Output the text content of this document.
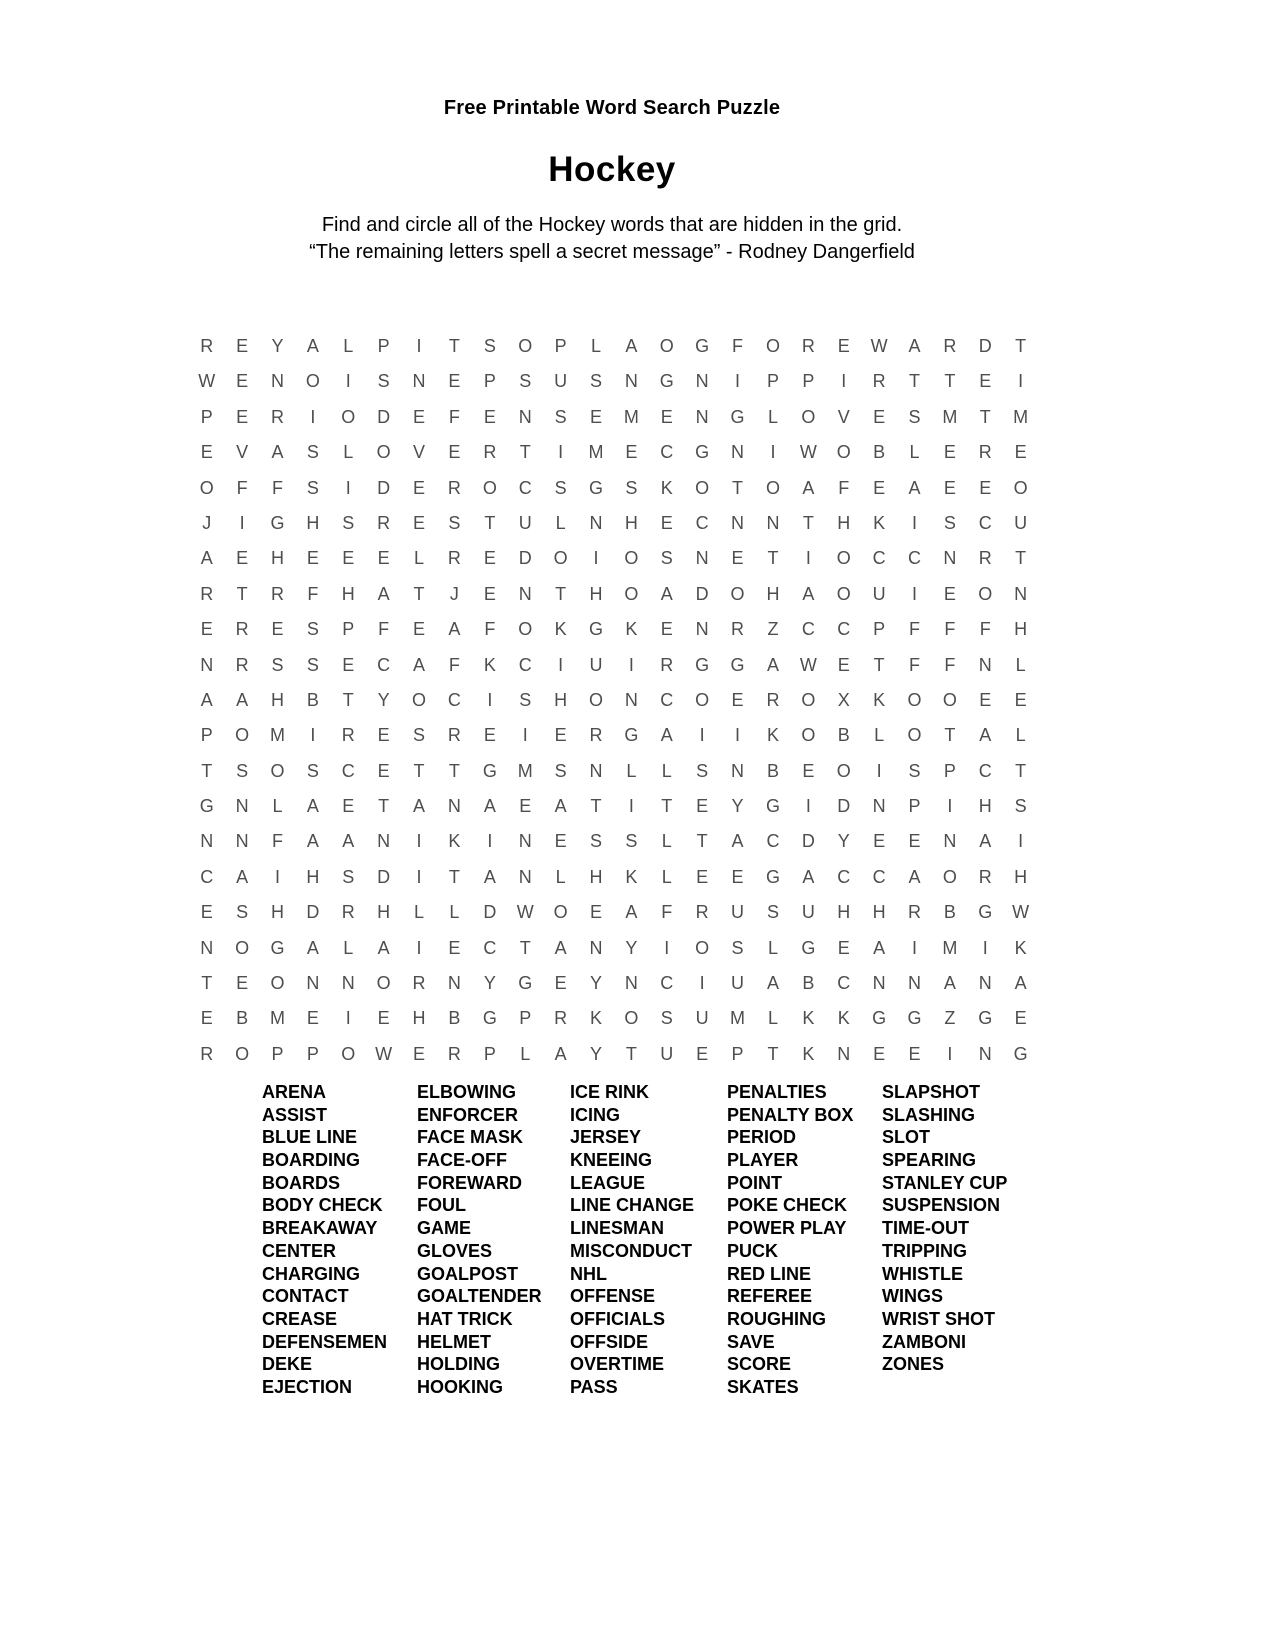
Free Printable Word Search Puzzle
Hockey
Find and circle all of the Hockey words that are hidden in the grid.
“The remaining letters spell a secret message” - Rodney Dangerfield
R	E	Y	A	L	P	I	T	S	O	P	L	A	O	G	F	O	R	E	W	A	R	D	T
W	E	N	O	I	S	N	E	P	S	U	S	N	G	N	I	P	P	I	R	T	T	E	I
P	E	R	I	O	D	E	F	E	N	S	E	M	E	N	G	L	O	V	E	S	M	T	M
E	V	A	S	L	O	V	E	R	T	I	M	E	C	G	N	I	W	O	B	L	E	R	E
O	F	F	S	I	D	E	R	O	C	S	G	S	K	O	T	O	A	F	E	A	E	E	O
J	I	G	H	S	R	E	S	T	U	L	N	H	E	C	N	N	T	H	K	I	S	C	U
A	E	H	E	E	E	L	R	E	D	O	I	O	S	N	E	T	I	O	C	C	N	R	T
R	T	R	F	H	A	T	J	E	N	T	H	O	A	D	O	H	A	O	U	I	E	O	N
E	R	E	S	P	F	E	A	F	O	K	G	K	E	N	R	Z	C	C	P	F	F	F	H
N	R	S	S	E	C	A	F	K	C	I	U	I	R	G	G	A	W	E	T	F	F	N	L
A	A	H	B	T	Y	O	C	I	S	H	O	N	C	O	E	R	O	X	K	O	O	E	E
P	O	M	I	R	E	S	R	E	I	E	R	G	A	I	I	K	O	B	L	O	T	A	L
T	S	O	S	C	E	T	T	G	M	S	N	L	L	S	N	B	E	O	I	S	P	C	T
G	N	L	A	E	T	A	N	A	E	A	T	I	T	E	Y	G	I	D	N	P	I	H	S
N	N	F	A	A	N	I	K	I	N	E	S	S	L	T	A	C	D	Y	E	E	N	A	I
C	A	I	H	S	D	I	T	A	N	L	H	K	L	E	E	G	A	C	C	A	O	R	H
E	S	H	D	R	H	L	L	D	W	O	E	A	F	R	U	S	U	H	H	R	B	G	W
N	O	G	A	L	A	I	E	C	T	A	N	Y	I	O	S	L	G	E	A	I	M	I	K
T	E	O	N	N	O	R	N	Y	G	E	Y	N	C	I	U	A	B	C	N	N	A	N	A
E	B	M	E	I	E	H	B	G	P	R	K	O	S	U	M	L	K	K	G	G	Z	G	E
R	O	P	P	O	W	E	R	P	L	A	Y	T	U	E	P	T	K	N	E	E	I	N	G
ARENA
ASSIST
BLUE LINE
BOARDING
BOARDS
BODY CHECK
BREAKAWAY
CENTER
CHARGING
CONTACT
CREASE
DEFENSEMEN
DEKE
EJECTION
ELBOWING
ENFORCER
FACE MASK
FACE-OFF
FOREWARD
FOUL
GAME
GLOVES
GOALPOST
GOALTENDER
HAT TRICK
HELMET
HOLDING
HOOKING
ICE RINK
ICING
JERSEY
KNEEING
LEAGUE
LINE CHANGE
LINESMAN
MISCONDUCT
NHL
OFFENSE
OFFICIALS
OFFSIDE
OVERTIME
PASS
PENALTIES
PENALTY BOX
PERIOD
PLAYER
POINT
POKE CHECK
POWER PLAY
PUCK
RED LINE
REFEREE
ROUGHING
SAVE
SCORE
SKATES
SLAPSHOT
SLASHING
SLOT
SPEARING
STANLEY CUP
SUSPENSION
TIME-OUT
TRIPPING
WHISTLE
WINGS
WRIST SHOT
ZAMBONI
ZONES
